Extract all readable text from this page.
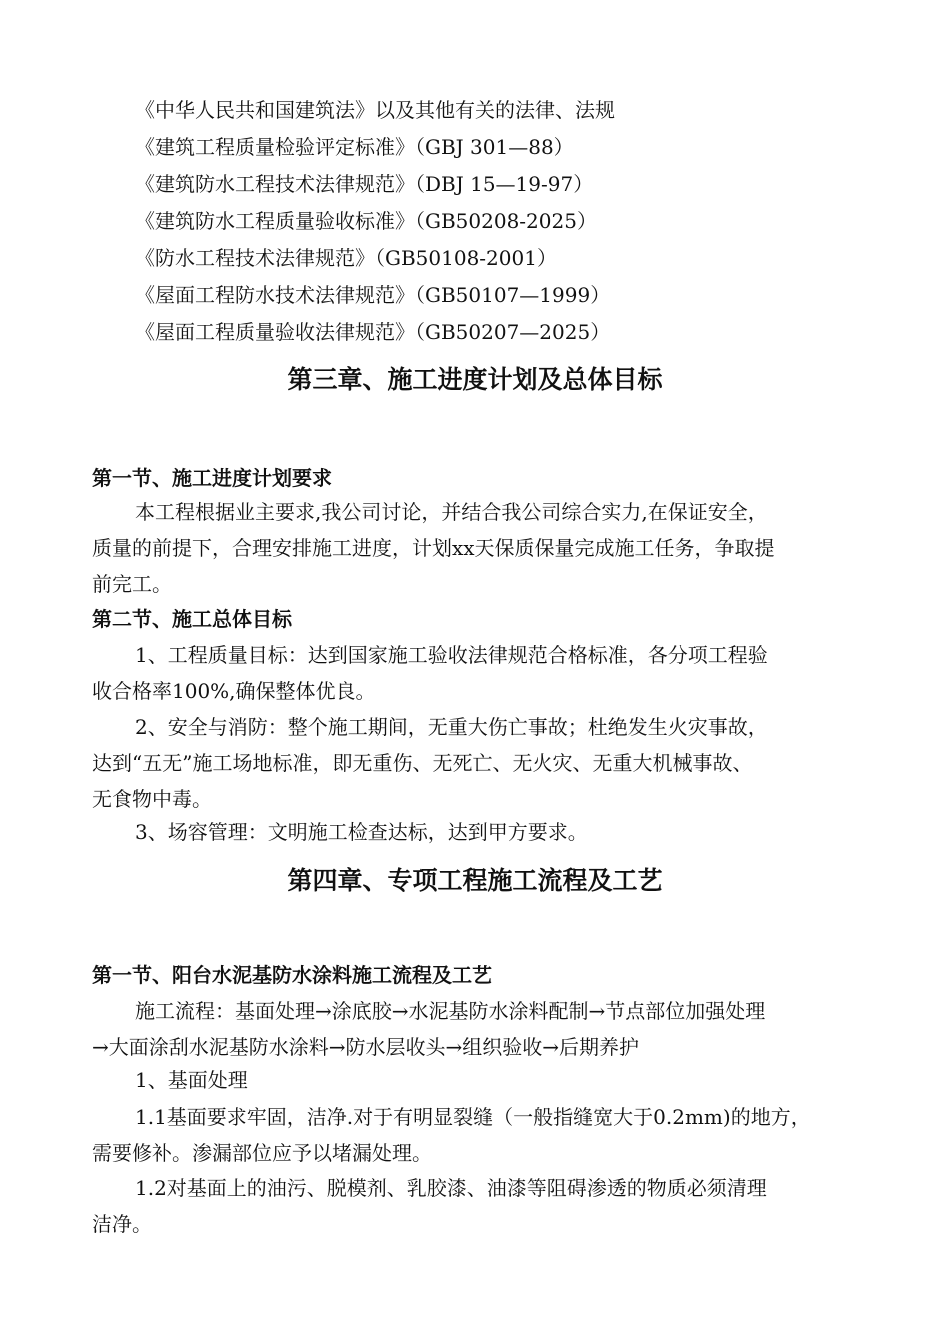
《中华人民共和国建筑法》以及其他有关的法律、法规
《建筑工程质量检验评定标准》（GBJ 301—88）
《建筑防水工程技术法律规范》（DBJ 15—19-97）
《建筑防水工程质量验收标准》（GB50208-2025）
《防水工程技术法律规范》（GB50108-2001）
《屋面工程防水技术法律规范》（GB50107—1999）
《屋面工程质量验收法律规范》（GB50207—2025）
第三章、施工进度计划及总体目标
第一节、施工进度计划要求
本工程根据业主要求,我公司讨论，并结合我公司综合实力,在保证安全，
质量的前提下，合理安排施工进度，计划xx天保质保量完成施工任务，争取提
前完工。
第二节、施工总体目标
1、工程质量目标：达到国家施工验收法律规范合格标准，各分项工程验
收合格率100%,确保整体优良。
2、安全与消防：整个施工期间，无重大伤亡事故；杜绝发生火灾事故，
达到“五无”施工场地标准，即无重伤、无死亡、无火灾、无重大机械事故、
无食物中毒。
3、场容管理：文明施工检查达标，达到甲方要求。
第四章、专项工程施工流程及工艺
第一节、阳台水泥基防水涂料施工流程及工艺
施工流程：基面处理→涂底胶→水泥基防水涂料配制→节点部位加强处理
→大面涂刮水泥基防水涂料→防水层收头→组织验收→后期养护
1、基面处理
1.1基面要求牢固，洁净.对于有明显裂缝（一般指缝宽大于0.2mm)的地方，
需要修补。渗漏部位应予以堵漏处理。
1.2对基面上的油污、脱模剂、乳胶漆、油漆等阻碍渗透的物质必须清理
洁净。
